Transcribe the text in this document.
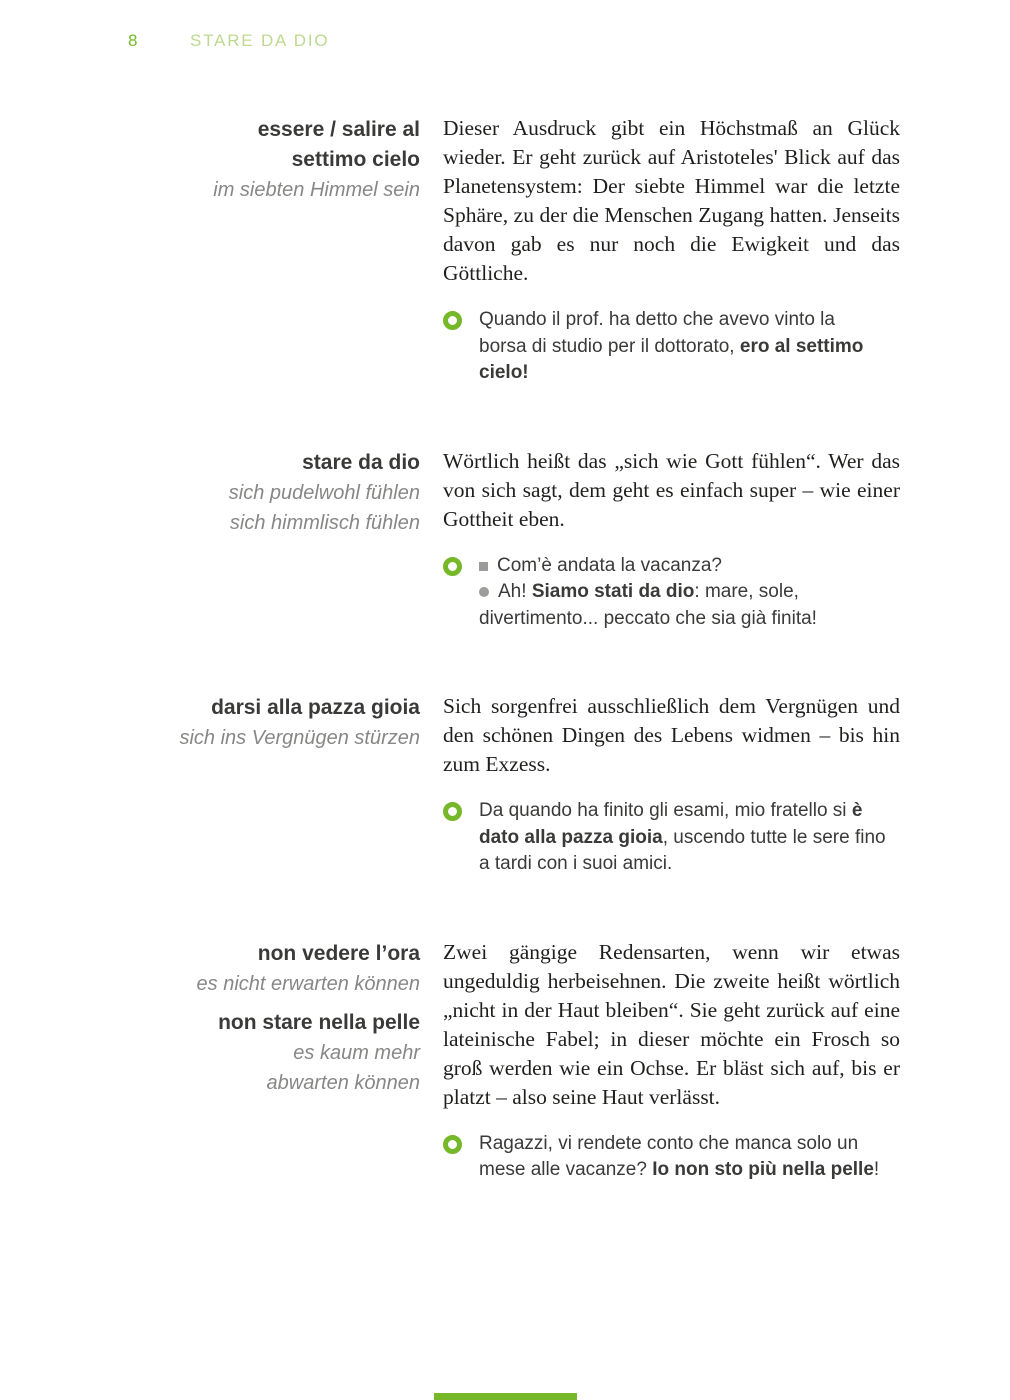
8	STARE DA DIO
essere / salire al
settimo cielo
im siebten Himmel sein

Dieser Ausdruck gibt ein Höchstmaß an Glück wieder. Er geht zurück auf Aristoteles' Blick auf das Planetensystem: Der siebte Himmel war die letzte Sphäre, zu der die Menschen Zugang hatten. Jenseits davon gab es nur noch die Ewigkeit und das Göttliche.

Quando il prof. ha detto che avevo vinto la borsa di studio per il dottorato, ero al settimo cielo!

stare da dio
sich pudelwohl fühlen
sich himmlisch fühlen

Wörtlich heißt das „sich wie Gott fühlen“. Wer das von sich sagt, dem geht es einfach super – wie einer Gottheit eben.

Com’è andata la vacanza?

Ah! Siamo stati da dio: mare, sole, divertimento... peccato che sia già finita!

darsi alla pazza gioia
sich ins Vergnügen stürzen

Sich sorgenfrei ausschließlich dem Vergnügen und den schönen Dingen des Lebens widmen – bis hin zum Exzess.

Da quando ha finito gli esami, mio fratello si è dato alla pazza gioia, uscendo tutte le sere fino a tardi con i suoi amici.

non vedere l’ora
es nicht erwarten können
non stare nella pelle
es kaum mehr
abwarten können

Zwei gängige Redensarten, wenn wir etwas ungeduldig herbeisehnen. Die zweite heißt wörtlich „nicht in der Haut bleiben“. Sie geht zurück auf eine lateinische Fabel; in dieser möchte ein Frosch so groß werden wie ein Ochse. Er bläst sich auf, bis er platzt – also seine Haut verlässt.

Ragazzi, vi rendete conto che manca solo un mese alle vacanze? Io non sto più nella pelle!
